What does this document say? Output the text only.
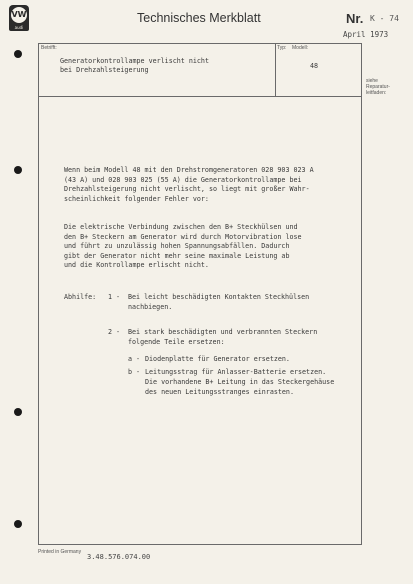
VW
audi
Technisches Merkblatt	Nr. K - 74
April 1973
Betrifft:	Typ: Modell:
Generatorkontrollampe verlischt nicht
bei Drehzahlsteigerung	48
siehe
Reparatur-
leitfaden:
Wenn beim Modell 48 mit den Drehstromgeneratoren 028 903 023 A
(43 A) und 028 903 025 (55 A) die Generatorkontrollampe bei
Drehzahlsteigerung nicht verlischt, so liegt mit großer Wahr-
scheinlichkeit folgender Fehler vor:
Die elektrische Verbindung zwischen den B+ Steckhülsen und
den B+ Steckern am Generator wird durch Motorvibration lose
und führt zu unzulässig hohen Spannungsabfällen. Dadurch
gibt der Generator nicht mehr seine maximale Leistung ab
und die Kontrollampe erlischt nicht.
Abhilfe: 1 - Bei leicht beschädigten Kontakten Steckhülsen
nachbiegen.
2 - Bei stark beschädigten und verbrannten Steckern
folgende Teile ersetzen:
a - Diodenplatte für Generator ersetzen.
b - Leitungsstrag für Anlasser-Batterie ersetzen.
Die vorhandene B+ Leitung in das Steckergehäuse
des neuen Leitungsstranges einrasten.
Printed in Germany
3.48.576.074.00
